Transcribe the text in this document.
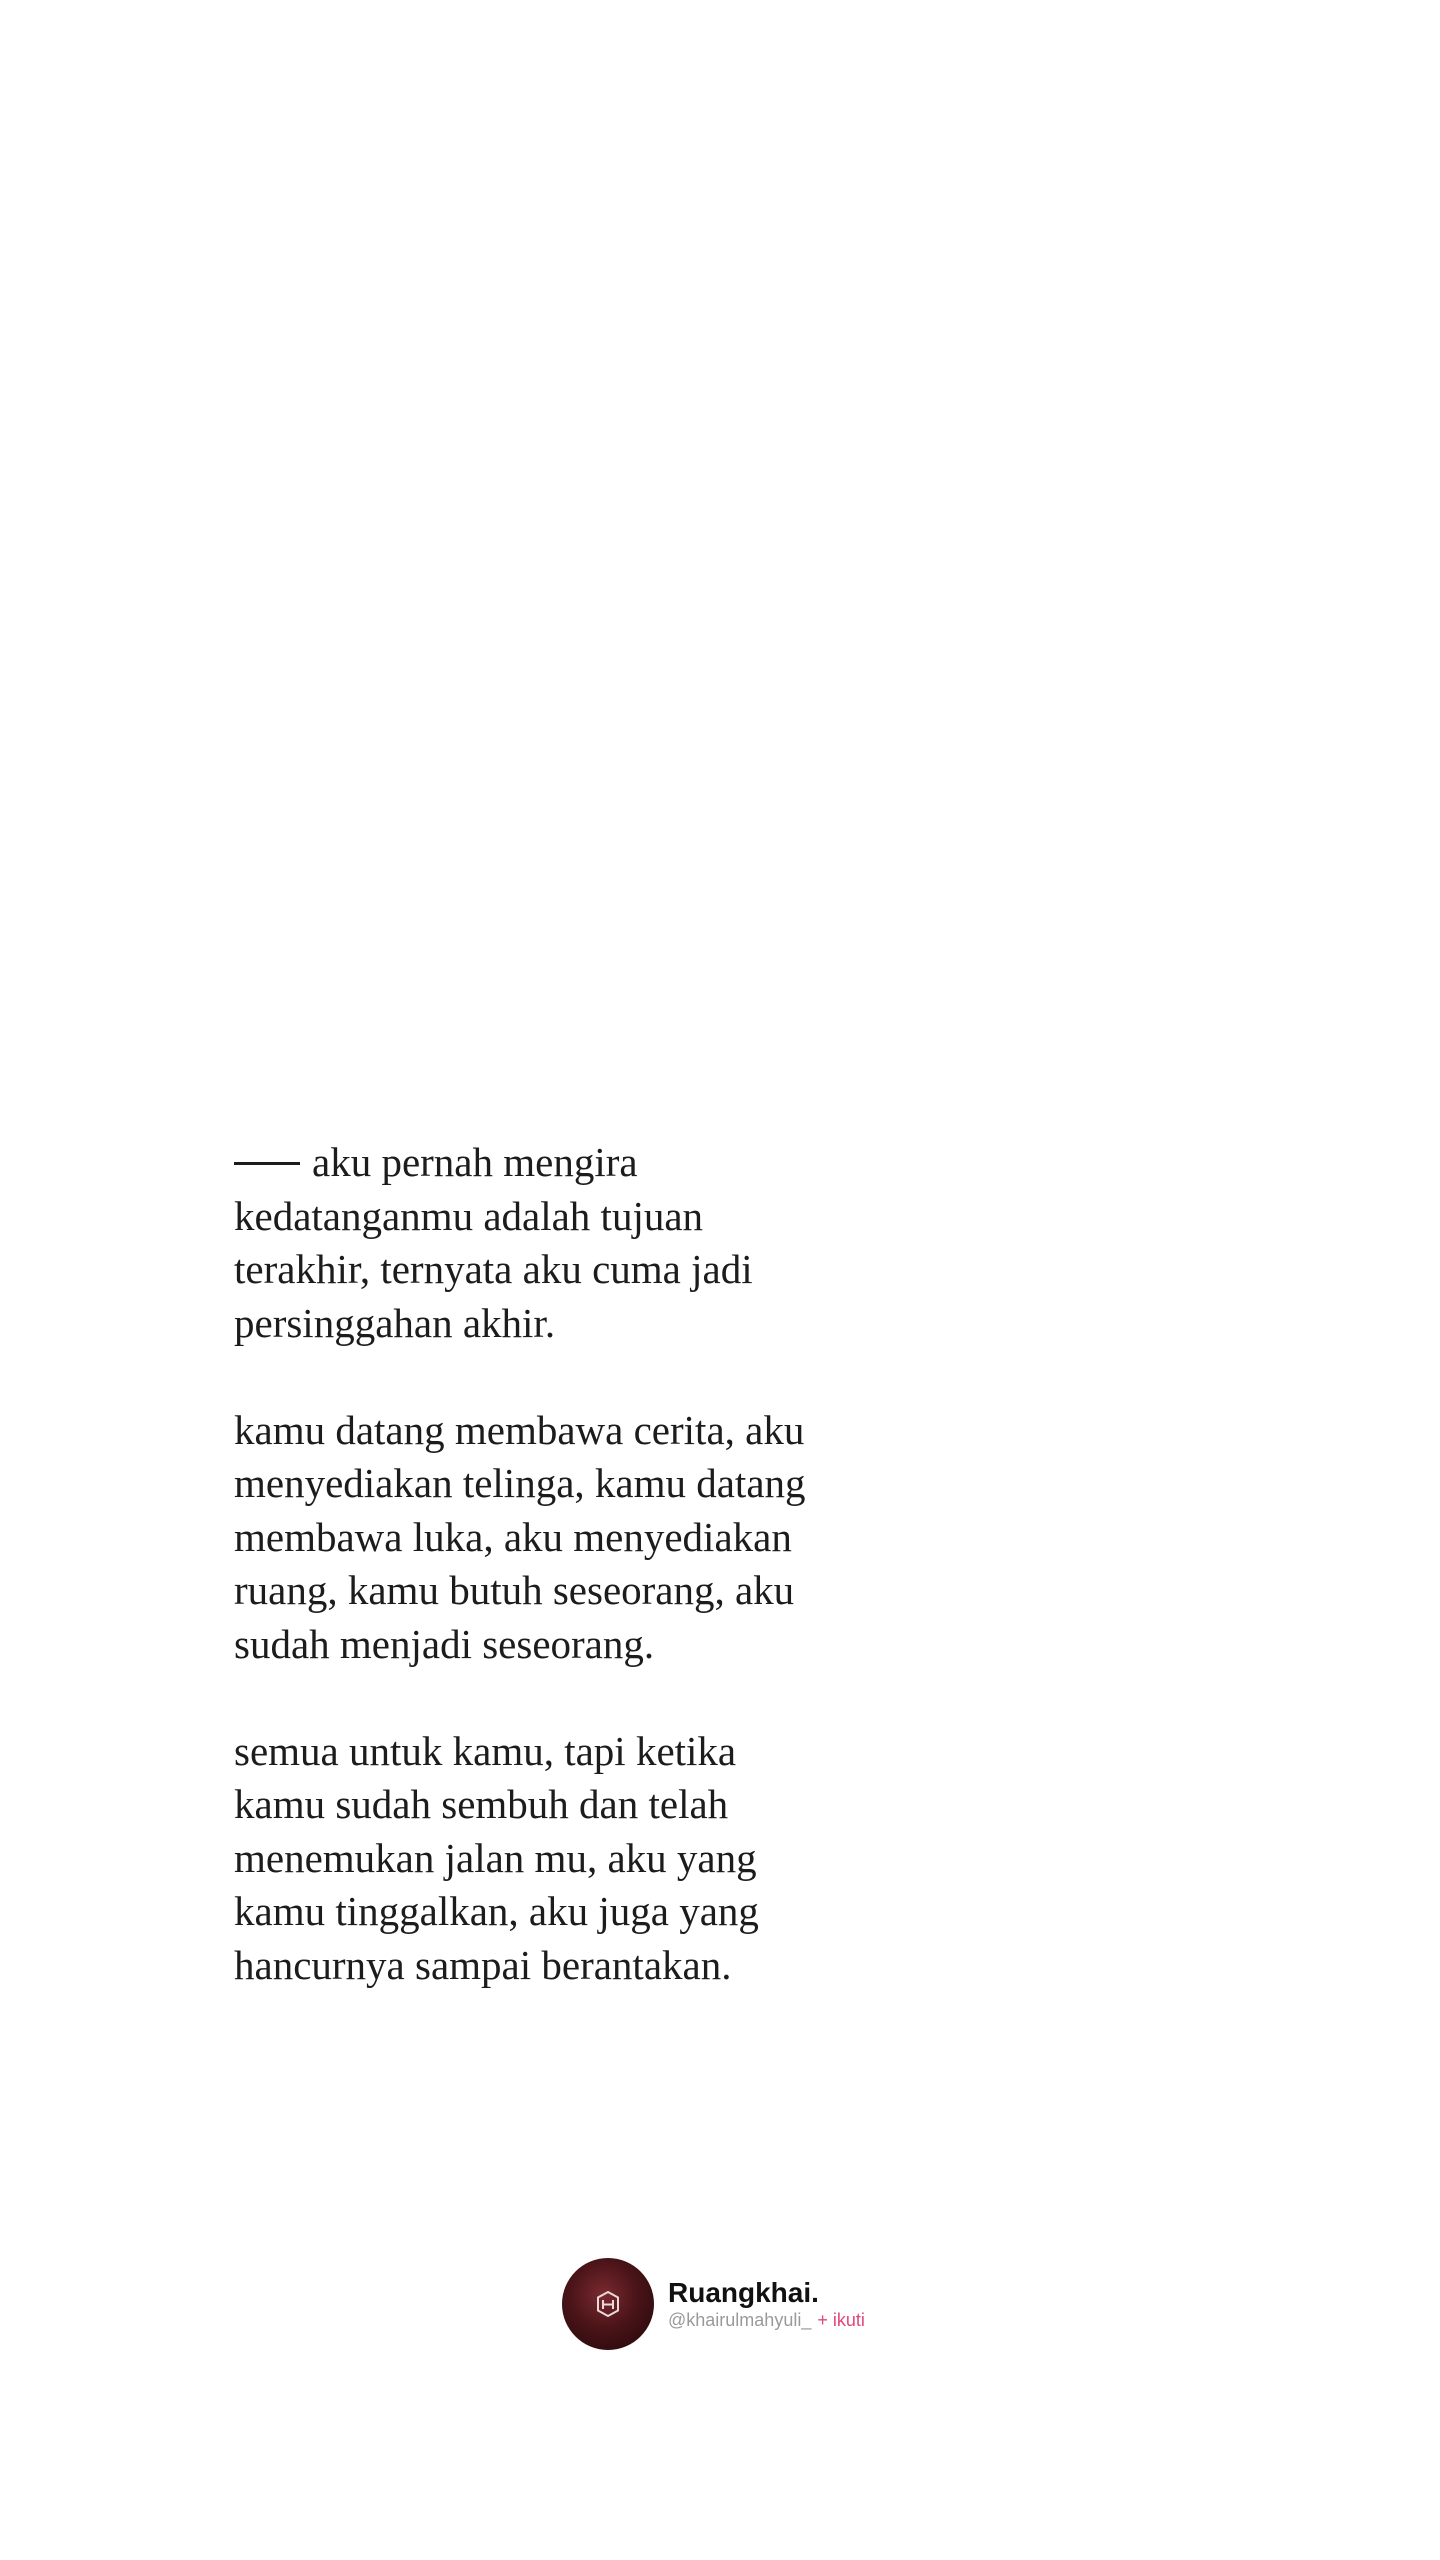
aku pernah mengira
kedatanganmu adalah tujuan
terakhir, ternyata aku cuma jadi
persinggahan akhir.
kamu datang membawa cerita, aku
menyediakan telinga, kamu datang
membawa luka, aku menyediakan
ruang, kamu butuh seseorang, aku
sudah menjadi seseorang.
semua untuk kamu, tapi ketika
kamu sudah sembuh dan telah
menemukan jalan mu, aku yang
kamu tinggalkan, aku juga yang
hancurnya sampai berantakan.
Ruangkhai.
@khairulmahyuli_ + ikuti
